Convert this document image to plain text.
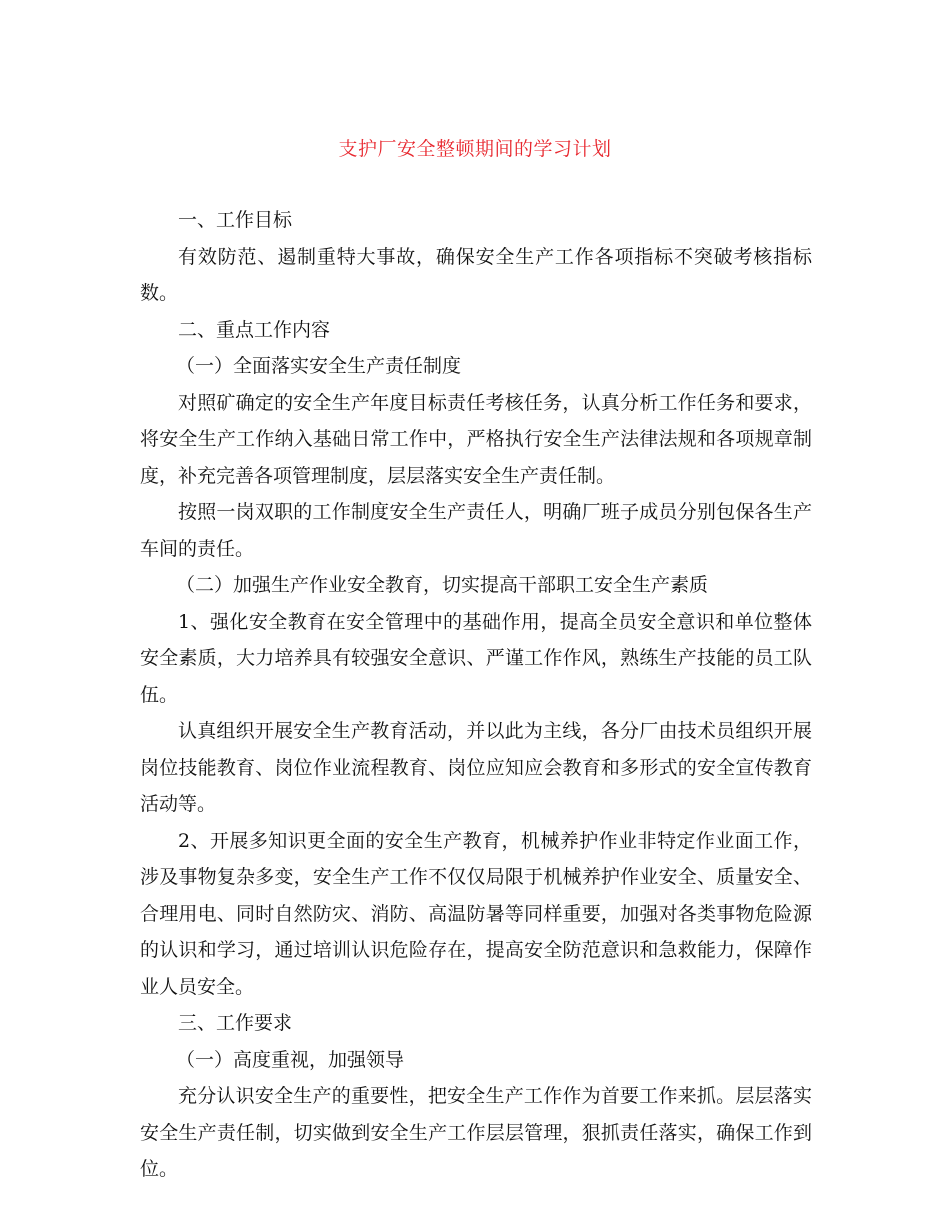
支护厂安全整顿期间的学习计划

一、工作目标

有效防范、遏制重特大事故，确保安全生产工作各项指标不突破考核指标数。

二、重点工作内容

（一）全面落实安全生产责任制度

对照矿确定的安全生产年度目标责任考核任务，认真分析工作任务和要求，将安全生产工作纳入基础日常工作中，严格执行安全生产法律法规和各项规章制度，补充完善各项管理制度，层层落实安全生产责任制。

按照一岗双职的工作制度安全生产责任人，明确厂班子成员分别包保各生产车间的责任。

（二）加强生产作业安全教育，切实提高干部职工安全生产素质

1、强化安全教育在安全管理中的基础作用，提高全员安全意识和单位整体安全素质，大力培养具有较强安全意识、严谨工作作风，熟练生产技能的员工队伍。

认真组织开展安全生产教育活动，并以此为主线，各分厂由技术员组织开展岗位技能教育、岗位作业流程教育、岗位应知应会教育和多形式的安全宣传教育活动等。

2、开展多知识更全面的安全生产教育，机械养护作业非特定作业面工作，涉及事物复杂多变，安全生产工作不仅仅局限于机械养护作业安全、质量安全、合理用电、同时自然防灾、消防、高温防暑等同样重要，加强对各类事物危险源的认识和学习，通过培训认识危险存在，提高安全防范意识和急救能力，保障作业人员安全。

三、工作要求

（一）高度重视，加强领导

充分认识安全生产的重要性，把安全生产工作作为首要工作来抓。层层落实安全生产责任制，切实做到安全生产工作层层管理，狠抓责任落实，确保工作到位。
